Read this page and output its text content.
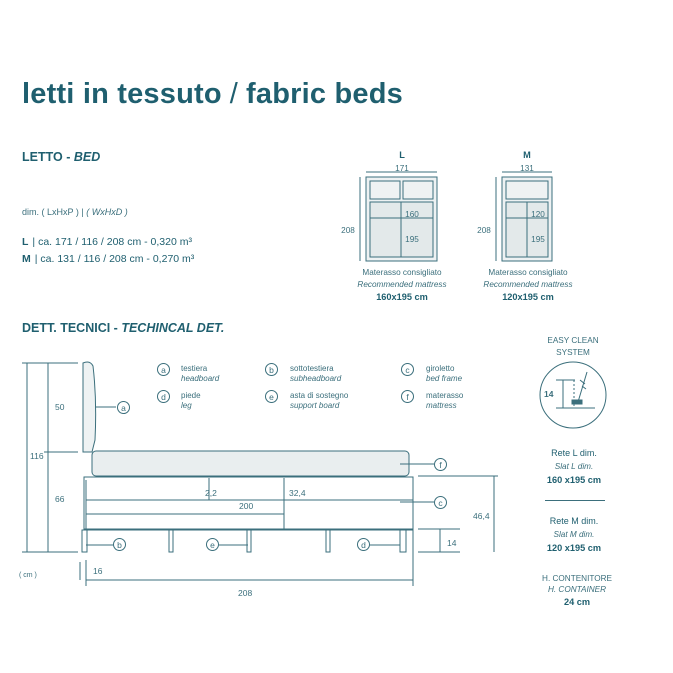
letti in tessuto / fabric beds
LETTO - BED
dim. ( LxHxP ) | ( WxHxD )
L | ca. 171 / 116 / 208 cm - 0,320 m³
M | ca. 131 / 116 / 208 cm - 0,270 m³
L
171
208
160
195
Materasso consigliato
Recommended mattress
160x195 cm
M
131
208
120
195
Materasso consigliato
Recommended mattress
120x195 cm
DETT. TECNICI - TECHINCAL DET.
a	testiera
headboard
b	sottotestiera
subheadboard
c	giroletto
bed frame
d	piede
leg
e	asta di sostegno
support board
f	materasso
mattress
116
50
66
2,2
200
32,4
46,4
14
16
208
( cm )
a
b
c
d
e
f
EASY CLEAN
SYSTEM
14
Rete L dim.
Slat L dim.
160 x195 cm
Rete M dim.
Slat M dim.
120 x195 cm
H. CONTENITORE
H. CONTAINER
24 cm
